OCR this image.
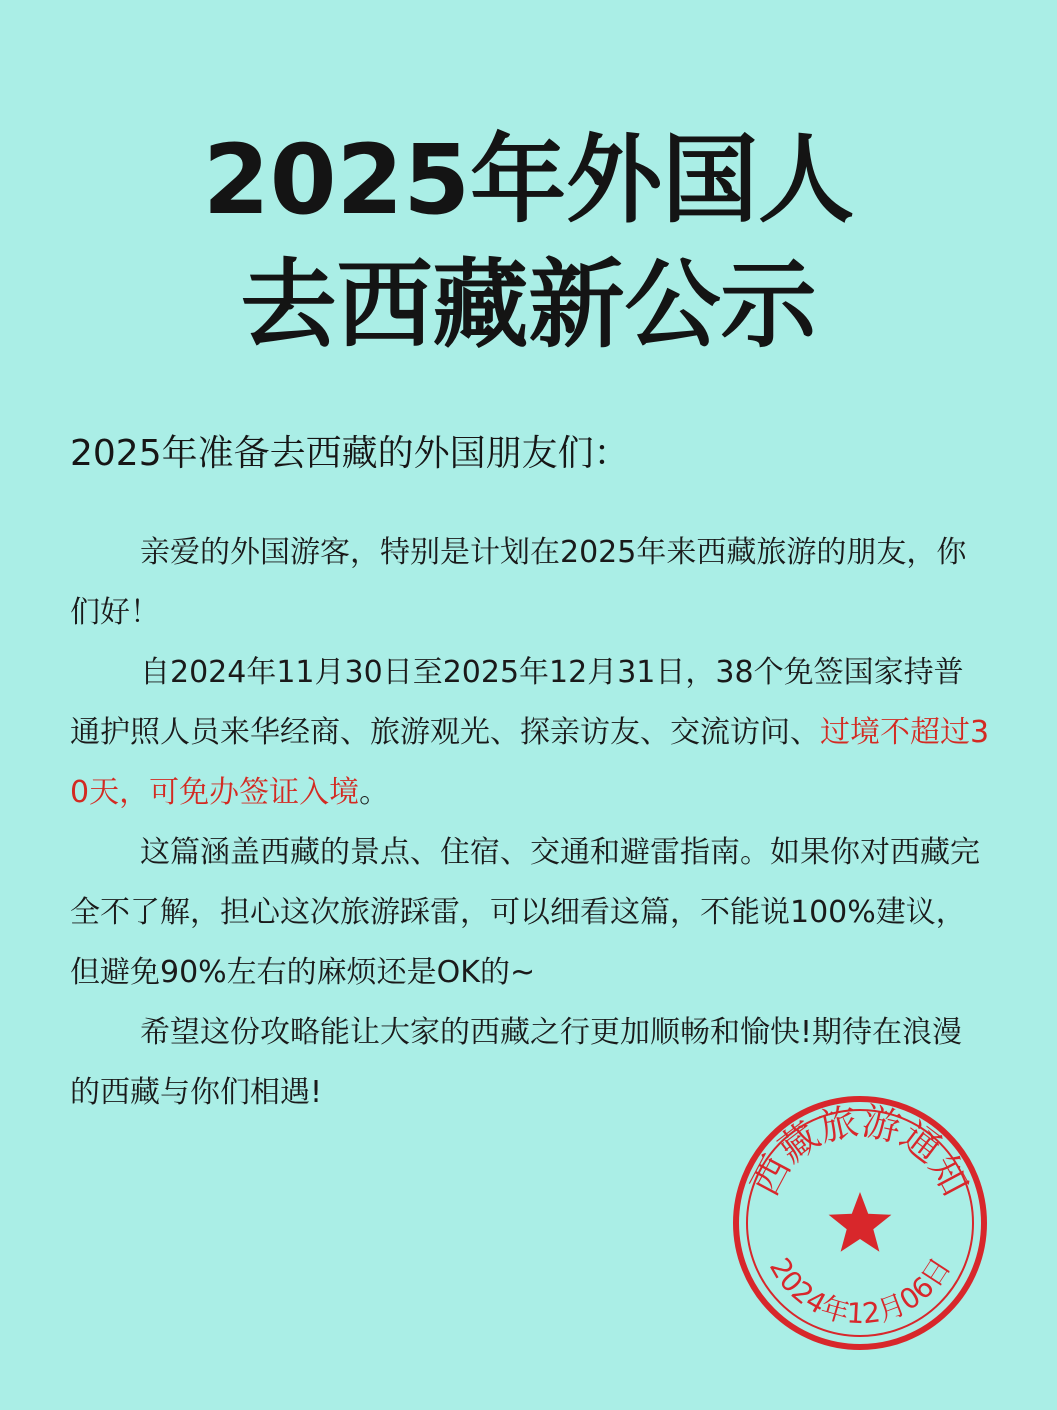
2025年外国人
去西藏新公示

2025年准备去西藏的外国朋友们：

亲爱的外国游客，特别是计划在2025年来西藏旅游的朋友，你们好！

自2024年11月30日至2025年12月31日，38个免签国家持普通护照人员来华经商、旅游观光、探亲访友、交流访问、过境不超过30天，可免办签证入境。

这篇涵盖西藏的景点、住宿、交通和避雷指南。如果你对西藏完全不了解，担心这次旅游踩雷，可以细看这篇，不能说100%建议，但避免90%左右的麻烦还是OK的~

希望这份攻略能让大家的西藏之行更加顺畅和愉快!期待在浪漫的西藏与你们相遇!

西藏旅游通知
2024年12月06日
